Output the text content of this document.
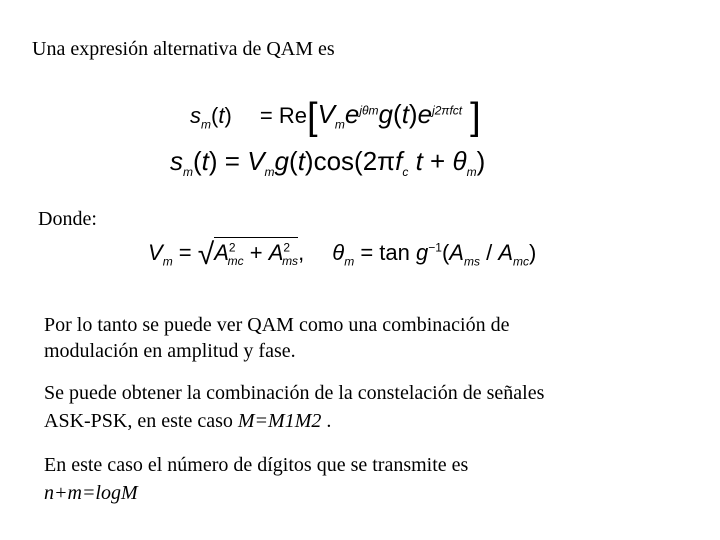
Una expresión alternativa de QAM es
$s_m(t) = Re[V_me^{j\theta m}g(t)e^{j2\pi fct}$ ]
$s_m(t) = V_mg(t)\cos(2\pi f_c$ $t + \theta_m$)
Donde:
$V_m = √A^2_{mc} + A^2_{ms}$, $\theta_m = \tan g^{-1}(A_{ms} / A_{mc})$
Por lo tanto se puede ver QAM como una combinación de
modulación en amplitud y fase.
Se puede obtener la combinación de la constelación de señales
ASK-PSK, en este caso M=M1M2 .
En este caso el número de dígitos que se transmite es
n+m=logM
